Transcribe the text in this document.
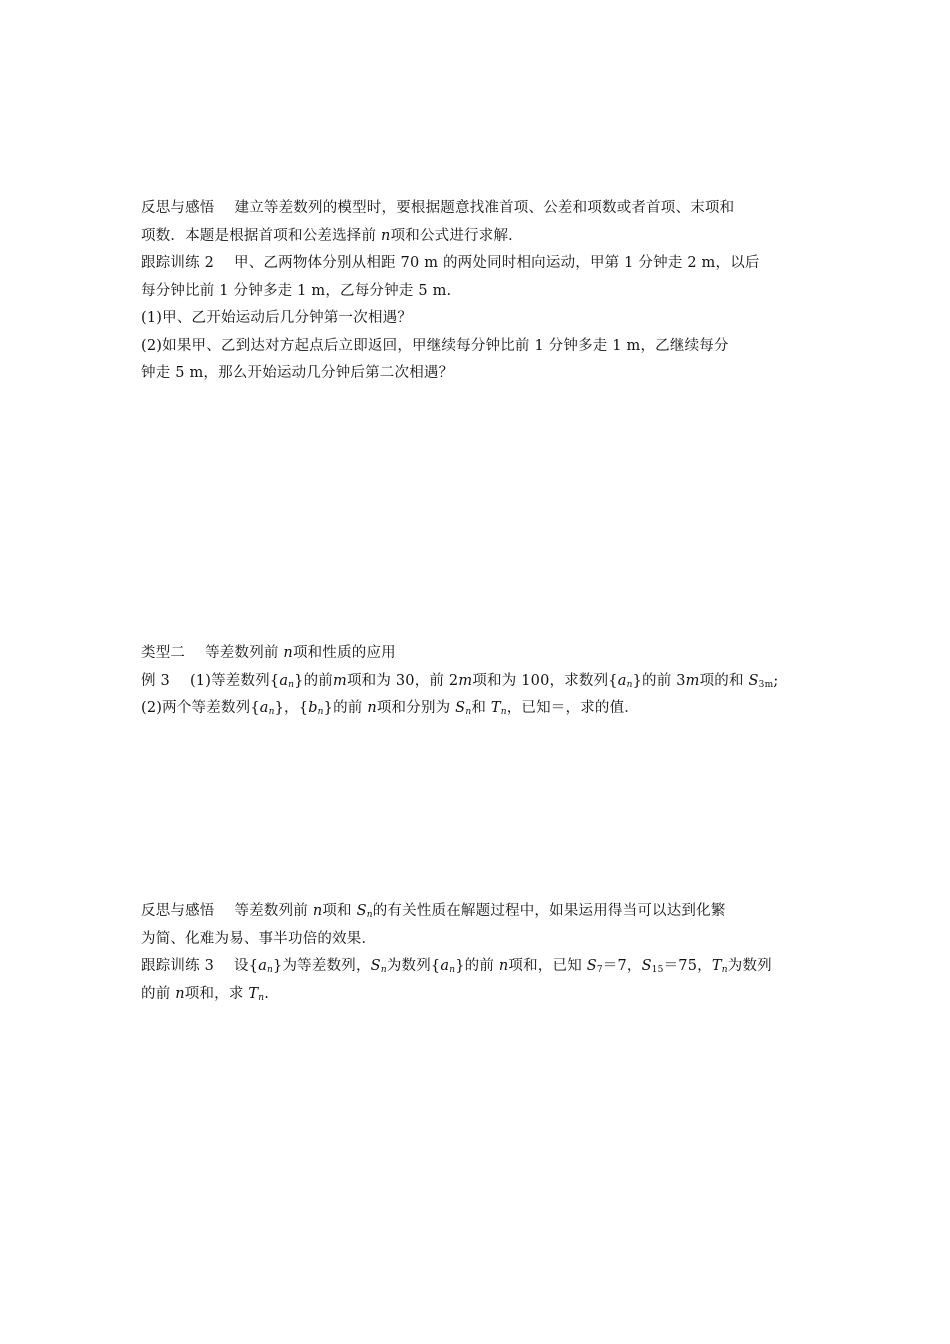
反思与感悟 建立等差数列的模型时，要根据题意找准首项、公差和项数或者首项、末项和
项数．本题是根据首项和公差选择前 n项和公式进行求解．
跟踪训练 2 甲、乙两物体分别从相距 70 m 的两处同时相向运动，甲第 1 分钟走 2 m，以后
每分钟比前 1 分钟多走 1 m，乙每分钟走 5 m.
(1)甲、乙开始运动后几分钟第一次相遇？
(2)如果甲、乙到达对方起点后立即返回，甲继续每分钟比前 1 分钟多走 1 m，乙继续每分
钟走 5 m，那么开始运动几分钟后第二次相遇？
类型二 等差数列前 n项和性质的应用
例 3 (1)等差数列$\{a_n\}$的前m项和为 30，前 2m项和为 100，求数列$\{a_n\}$的前 3m项的和 $S_{3m}$;
(2)两个等差数列$\{a_n\}$，$\{b_n\}$的前 n项和分别为 $S_n$和 $T_n$，已知＝，求的值．
反思与感悟 等差数列前 n项和 $S_n$的有关性质在解题过程中，如果运用得当可以达到化繁
为简、化难为易、事半功倍的效果．
跟踪训练 3 设$\{a_n\}$为等差数列，$S_n$为数列$\{a_n\}$的前 n项和，已知 $S_7=7$，$S_{15}=75$，$T_n$为数列
的前 n项和，求 $T_n$.
